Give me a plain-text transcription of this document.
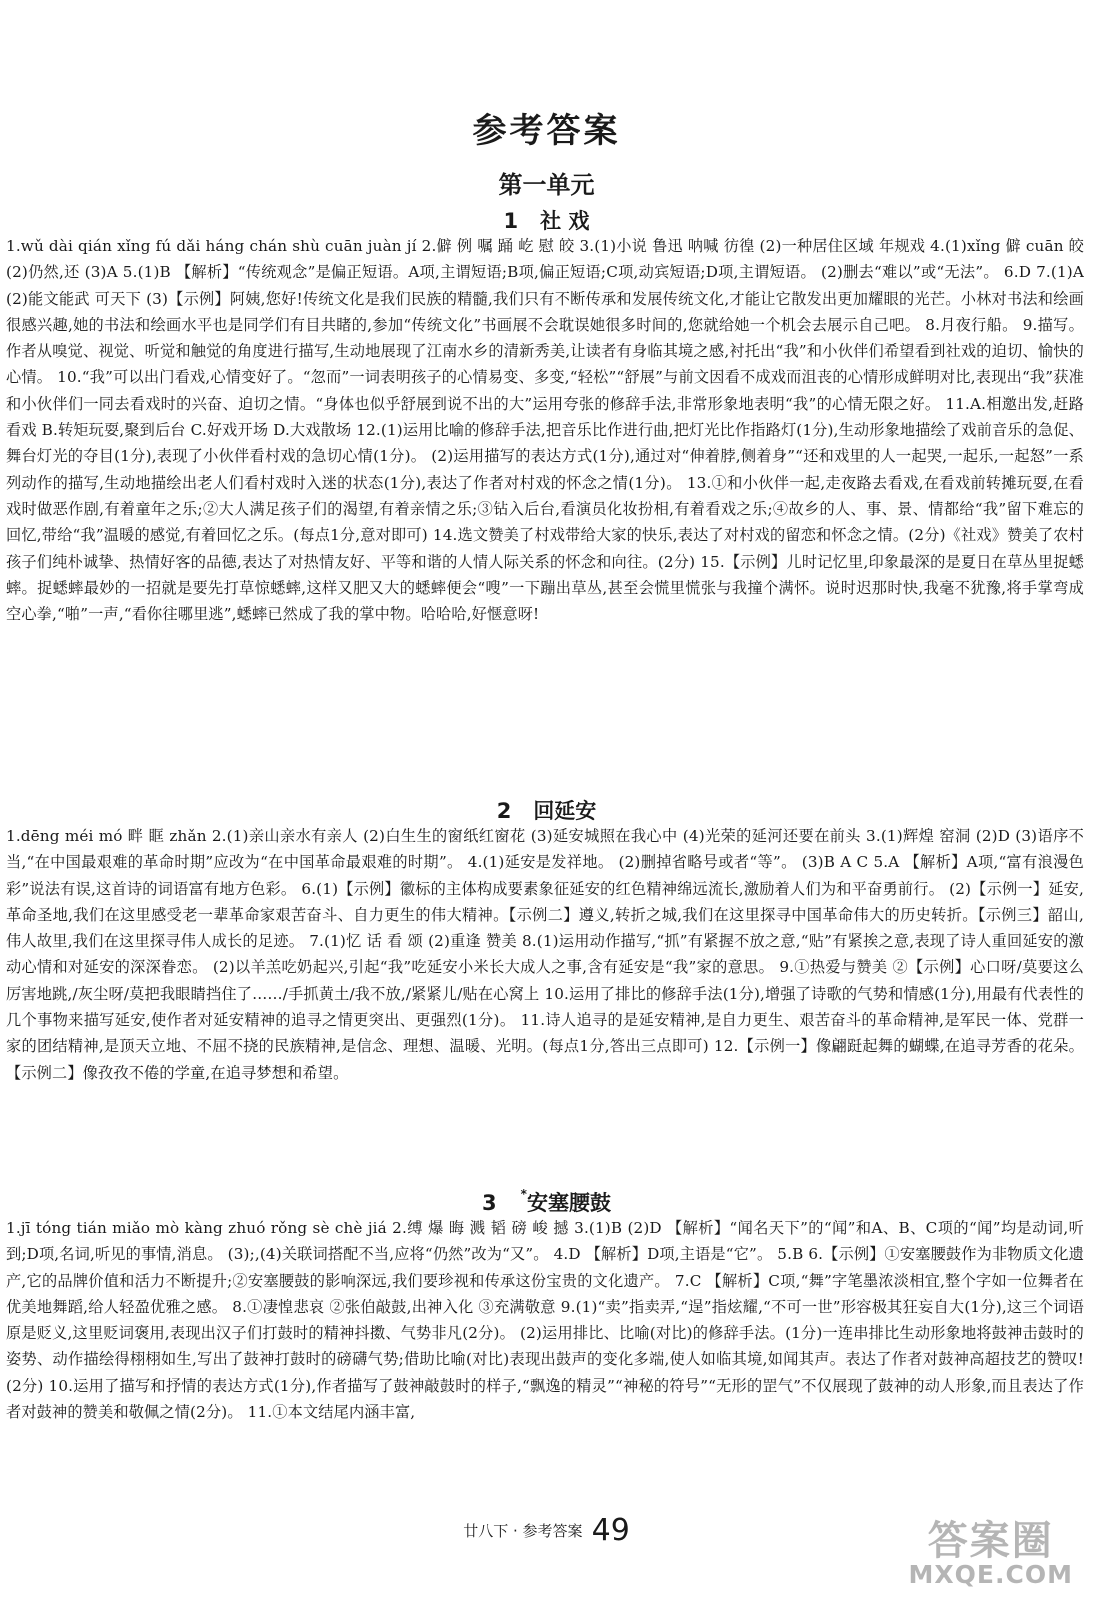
参考答案
第一单元
1 社 戏

1.wǔ dài qián xǐng fú dǎi háng chán shù cuān juàn jí 2.僻 例 嘱 踊 屹 慰 皎 3.(1)小说 鲁迅 呐喊 彷徨 (2)一种居住区域 年规戏 4.(1)xǐng 僻 cuān 皎 (2)仍然,还 (3)A 5.(1)B 【解析】“传统观念”是偏正短语。A项,主谓短语;B项,偏正短语;C项,动宾短语;D项,主谓短语。 (2)删去“难以”或“无法”。 6.D 7.(1)A (2)能文能武 可天下 (3)【示例】阿姨,您好!传统文化是我们民族的精髓,我们只有不断传承和发展传统文化,才能让它散发出更加耀眼的光芒。小林对书法和绘画很感兴趣,她的书法和绘画水平也是同学们有目共睹的,参加“传统文化”书画展不会耽误她很多时间的,您就给她一个机会去展示自己吧。 8.月夜行船。 9.描写。作者从嗅觉、视觉、听觉和触觉的角度进行描写,生动地展现了江南水乡的清新秀美,让读者有身临其境之感,衬托出“我”和小伙伴们希望看到社戏的迫切、愉快的心情。 10.“我”可以出门看戏,心情变好了。“忽而”一词表明孩子的心情易变、多变,“轻松”“舒展”与前文因看不成戏而沮丧的心情形成鲜明对比,表现出“我”获准和小伙伴们一同去看戏时的兴奋、迫切之情。“身体也似乎舒展到说不出的大”运用夸张的修辞手法,非常形象地表明“我”的心情无限之好。 11.A.相邀出发,赶路看戏 B.转矩玩耍,聚到后台 C.好戏开场 D.大戏散场 12.(1)运用比喻的修辞手法,把音乐比作进行曲,把灯光比作指路灯(1分),生动形象地描绘了戏前音乐的急促、舞台灯光的夺目(1分),表现了小伙伴看村戏的急切心情(1分)。 (2)运用描写的表达方式(1分),通过对“伸着脖,侧着身”“还和戏里的人一起哭,一起乐,一起怒”一系列动作的描写,生动地描绘出老人们看村戏时入迷的状态(1分),表达了作者对村戏的怀念之情(1分)。 13.①和小伙伴一起,走夜路去看戏,在看戏前转摊玩耍,在看戏时做恶作剧,有着童年之乐;②大人满足孩子们的渴望,有着亲情之乐;③钻入后台,看演员化妆扮相,有着看戏之乐;④故乡的人、事、景、情都给“我”留下难忘的回忆,带给“我”温暖的感觉,有着回忆之乐。(每点1分,意对即可) 14.选文赞美了村戏带给大家的快乐,表达了对村戏的留恋和怀念之情。(2分)《社戏》赞美了农村孩子们纯朴诚挚、热情好客的品德,表达了对热情友好、平等和谐的人情人际关系的怀念和向往。(2分) 15.【示例】儿时记忆里,印象最深的是夏日在草丛里捉蟋蟀。捉蟋蟀最妙的一招就是要先打草惊蟋蟀,这样又肥又大的蟋蟀便会“嗖”一下蹦出草丛,甚至会慌里慌张与我撞个满怀。说时迟那时快,我毫不犹豫,将手掌弯成空心拳,“啪”一声,“看你往哪里逃”,蟋蟀已然成了我的掌中物。哈哈哈,好惬意呀!

2 回延安

1.dēng méi mó 畔 眶 zhǎn 2.(1)亲山亲水有亲人 (2)白生生的窗纸红窗花 (3)延安城照在我心中 (4)光荣的延河还要在前头 3.(1)辉煌 窑洞 (2)D (3)语序不当,“在中国最艰难的革命时期”应改为“在中国革命最艰难的时期”。 4.(1)延安是发祥地。 (2)删掉省略号或者“等”。 (3)B A C 5.A 【解析】A项,“富有浪漫色彩”说法有误,这首诗的词语富有地方色彩。 6.(1)【示例】徽标的主体构成要素象征延安的红色精神绵远流长,激励着人们为和平奋勇前行。 (2)【示例一】延安,革命圣地,我们在这里感受老一辈革命家艰苦奋斗、自力更生的伟大精神。【示例二】遵义,转折之城,我们在这里探寻中国革命伟大的历史转折。【示例三】韶山,伟人故里,我们在这里探寻伟人成长的足迹。 7.(1)忆 话 看 颂 (2)重逢 赞美 8.(1)运用动作描写,“抓”有紧握不放之意,“贴”有紧挨之意,表现了诗人重回延安的激动心情和对延安的深深眷恋。 (2)以羊羔吃奶起兴,引起“我”吃延安小米长大成人之事,含有延安是“我”家的意思。 9.①热爱与赞美 ②【示例】心口呀/莫要这么厉害地跳,/灰尘呀/莫把我眼睛挡住了……/手抓黄土/我不放,/紧紧儿/贴在心窝上 10.运用了排比的修辞手法(1分),增强了诗歌的气势和情感(1分),用最有代表性的几个事物来描写延安,使作者对延安精神的追寻之情更突出、更强烈(1分)。 11.诗人追寻的是延安精神,是自力更生、艰苦奋斗的革命精神,是军民一体、党群一家的团结精神,是顶天立地、不屈不挠的民族精神,是信念、理想、温暖、光明。(每点1分,答出三点即可) 12.【示例一】像翩跹起舞的蝴蝶,在追寻芳香的花朵。【示例二】像孜孜不倦的学童,在追寻梦想和希望。

3 *安塞腰鼓

1.jī tóng tián miǎo mò kàng zhuó rǒng sè chè jiá 2.缚 爆 晦 溅 韬 磅 峻 撼 3.(1)B (2)D 【解析】“闻名天下”的“闻”和A、B、C项的“闻”均是动词,听到;D项,名词,听见的事情,消息。 (3);,(4)关联词搭配不当,应将“仍然”改为“又”。 4.D 【解析】D项,主语是“它”。 5.B 6.【示例】①安塞腰鼓作为非物质文化遗产,它的品牌价值和活力不断提升;②安塞腰鼓的影响深远,我们要珍视和传承这份宝贵的文化遗产。 7.C 【解析】C项,“舞”字笔墨浓淡相宜,整个字如一位舞者在优美地舞蹈,给人轻盈优雅之感。 8.①凄惶悲哀 ②张伯敲鼓,出神入化 ③充满敬意 9.(1)“卖”指卖弄,“逞”指炫耀,“不可一世”形容极其狂妄自大(1分),这三个词语原是贬义,这里贬词褒用,表现出汉子们打鼓时的精神抖擞、气势非凡(2分)。 (2)运用排比、比喻(对比)的修辞手法。(1分)一连串排比生动形象地将鼓神击鼓时的姿势、动作描绘得栩栩如生,写出了鼓神打鼓时的磅礴气势;借助比喻(对比)表现出鼓声的变化多端,使人如临其境,如闻其声。表达了作者对鼓神高超技艺的赞叹!(2分) 10.运用了描写和抒情的表达方式(1分),作者描写了鼓神敲鼓时的样子,“飘逸的精灵”“神秘的符号”“无形的罡气”不仅展现了鼓神的动人形象,而且表达了作者对鼓神的赞美和敬佩之情(2分)。 11.①本文结尾内涵丰富,

廿八下 · 参考答案 49	答案圈
MXQE.COM
